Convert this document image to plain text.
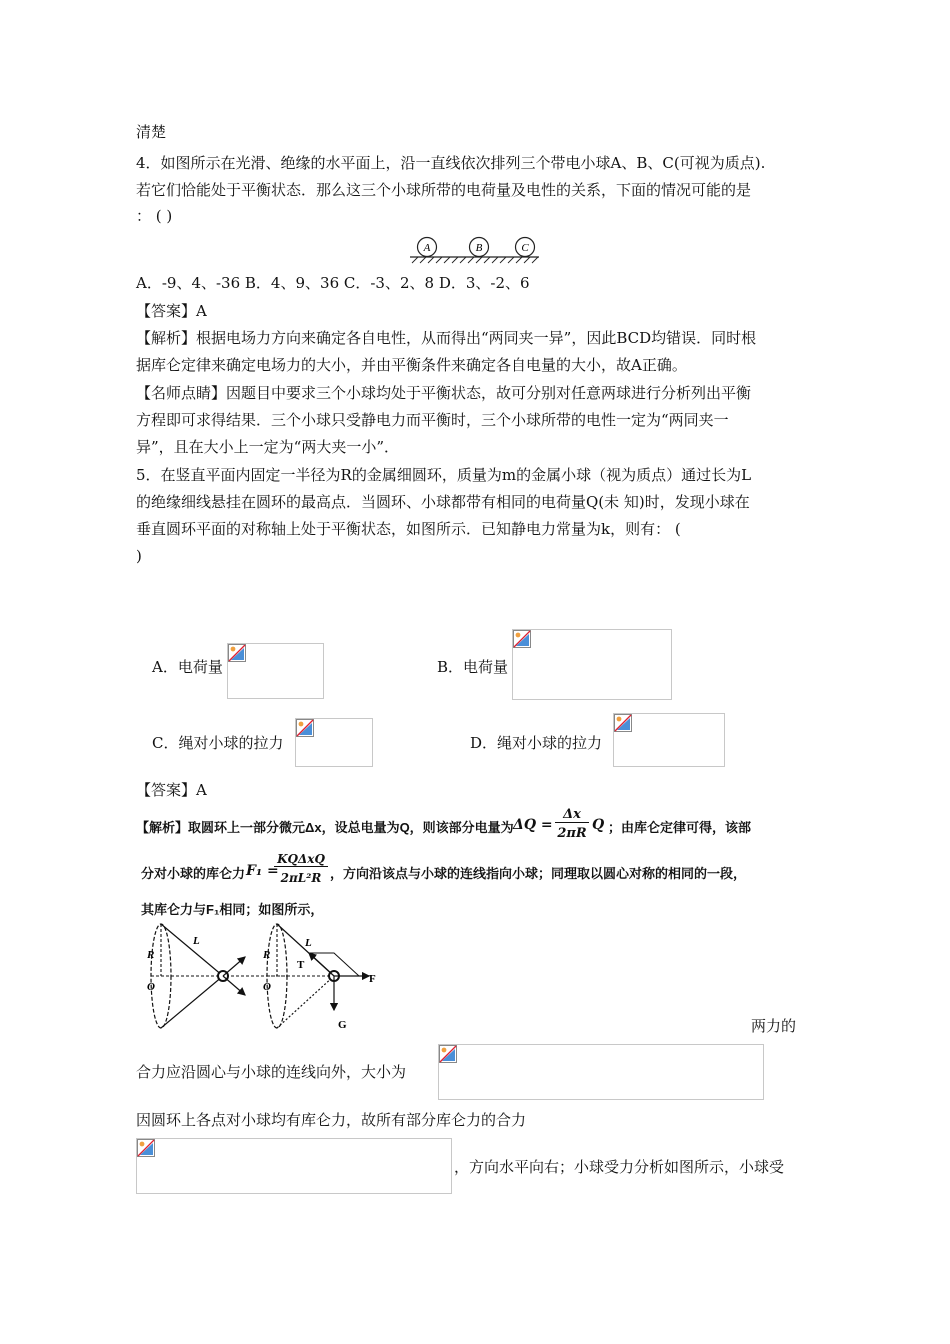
清楚
4．如图所示在光滑、绝缘的水平面上，沿一直线依次排列三个带电小球A、B、C(可视为质点).
若它们恰能处于平衡状态．那么这三个小球所带的电荷量及电性的关系，下面的情况可能的是
： ( )
A	B	C
A．-9、4、-36 B．4、9、36 C．-3、2、8 D．3、-2、6
【答案】A
【解析】根据电场力方向来确定各自电性，从而得出“两同夹一异”，因此BCD均错误．同时根
据库仑定律来确定电场力的大小，并由平衡条件来确定各自电量的大小，故A正确。
【名师点睛】因题目中要求三个小球均处于平衡状态，故可分别对任意两球进行分析列出平衡
方程即可求得结果．三个小球只受静电力而平衡时，三个小球所带的电性一定为“两同夹一
异”，且在大小上一定为“两大夹一小”．
5．在竖直平面内固定一半径为R的金属细圆环，质量为m的金属小球（视为质点）通过长为L
的绝缘细线悬挂在圆环的最高点．当圆环、小球都带有相同的电荷量Q(未 知)时，发现小球在
垂直圆环平面的对称轴上处于平衡状态，如图所示．已知静电力常量为k，则有： (
)
A．电荷量	B．电荷量
C．绳对小球的拉力	D．绳对小球的拉力
【答案】A
【解析】取圆环上一部分微元Δx，设总电量为Q，则该部分电量为 ΔQ =
Δx
2πR
Q ；由库仑定律可得，该部
分对小球的库仑力 F₁ =
KQΔxQ
2πL²R ，方向沿该点与小球的连线指向小球；同理取以圆心对称的相同的一段，
其库仑力与F₁相同；如图所示，
R
O
L
R
O
L
T
F
G	两力的
合力应沿圆心与小球的连线向外，大小为
因圆环上各点对小球均有库仑力，故所有部分库仑力的合力
，方向水平向右；小球受力分析如图所示，小球受
